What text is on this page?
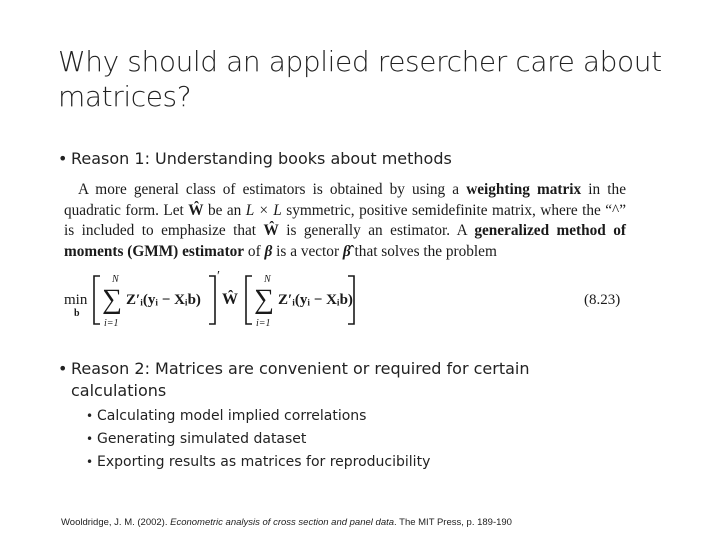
Why should an applied resercher care about matrices?
• Reason 1: Understanding books about methods
A more general class of estimators is obtained by using a weighting matrix in the quadratic form. Let Ŵ be an L × L symmetric, positive semidefinite matrix, where the “^” is included to emphasize that Ŵ is generally an estimator. A generalized method of moments (GMM) estimator of β is a vector β̂ that solves the problem
min
b
N
∑
i=1
Z′ᵢ(yᵢ − Xᵢb)
′
Ŵ
N
∑
i=1
Z′ᵢ(yᵢ − Xᵢb)	(8.23)
• Reason 2: Matrices are convenient or required for certain
calculations
• Calculating model implied correlations
• Generating simulated dataset
• Exporting results as matrices for reproducibility
Wooldridge, J. M. (2002). Econometric analysis of cross section and panel data. The MIT Press, p. 189-190
